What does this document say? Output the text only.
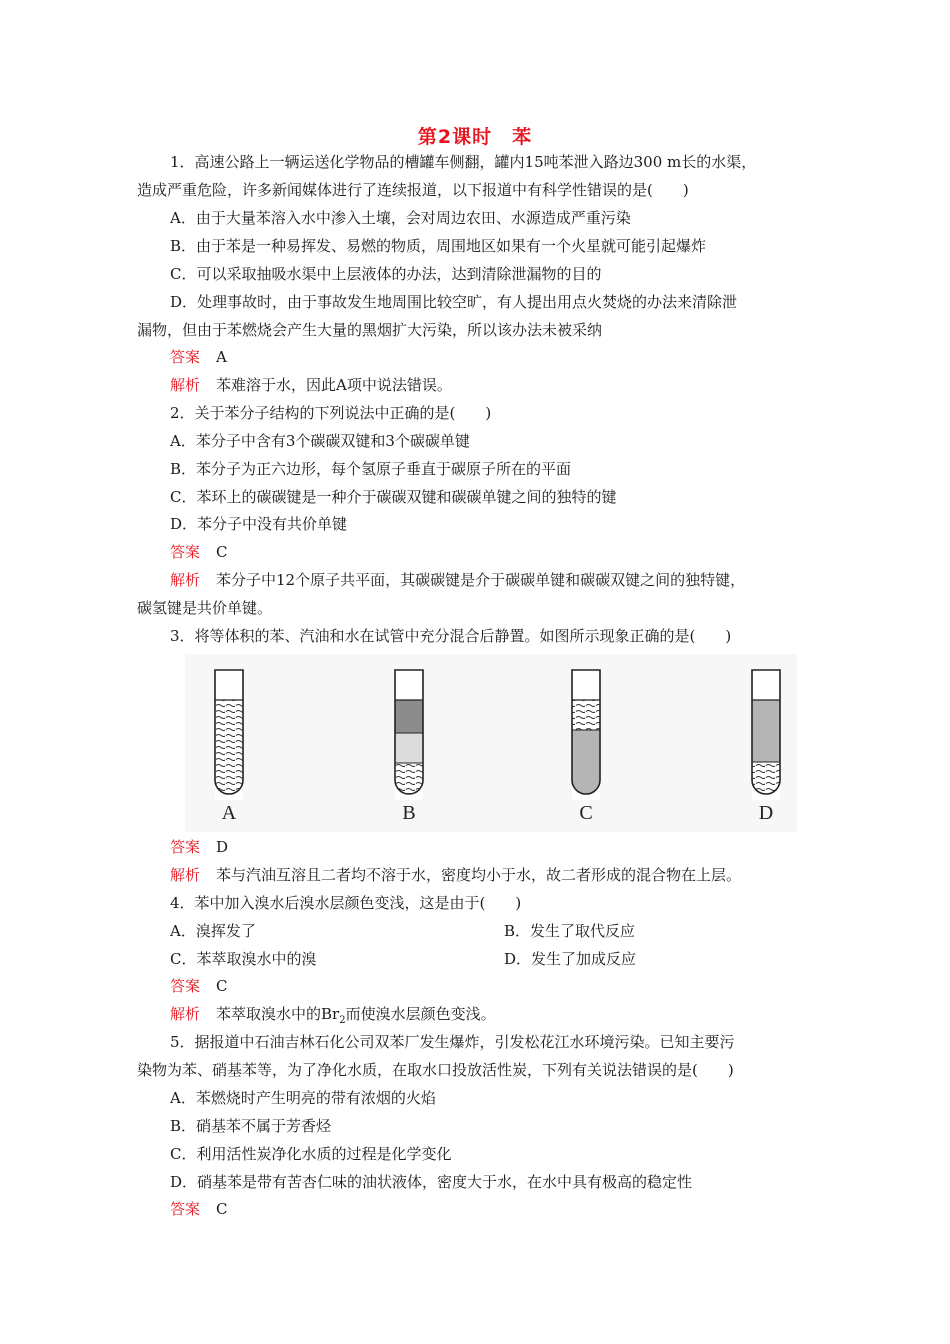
第2课时　苯
1．高速公路上一辆运送化学物品的槽罐车侧翻，罐内15吨苯泄入路边300 m长的水渠，
造成严重危险，许多新闻媒体进行了连续报道，以下报道中有科学性错误的是(　　)
A．由于大量苯溶入水中渗入土壤，会对周边农田、水源造成严重污染
B．由于苯是一种易挥发、易燃的物质，周围地区如果有一个火星就可能引起爆炸
C．可以采取抽吸水渠中上层液体的办法，达到清除泄漏物的目的
D．处理事故时，由于事故发生地周围比较空旷，有人提出用点火焚烧的办法来清除泄
漏物，但由于苯燃烧会产生大量的黑烟扩大污染，所以该办法未被采纳
答案 A
解析 苯难溶于水，因此A项中说法错误。
2．关于苯分子结构的下列说法中正确的是(　　)
A．苯分子中含有3个碳碳双键和3个碳碳单键
B．苯分子为正六边形，每个氢原子垂直于碳原子所在的平面
C．苯环上的碳碳键是一种介于碳碳双键和碳碳单键之间的独特的键
D．苯分子中没有共价单键
答案 C
解析 苯分子中12个原子共平面，其碳碳键是介于碳碳单键和碳碳双键之间的独特键，
碳氢键是共价单键。
3．将等体积的苯、汽油和水在试管中充分混合后静置。如图所示现象正确的是(　　)
A	B	C	D
答案 D
解析 苯与汽油互溶且二者均不溶于水，密度均小于水，故二者形成的混合物在上层。
4．苯中加入溴水后溴水层颜色变浅，这是由于(　　)
A．溴挥发了	B．发生了取代反应
C．苯萃取溴水中的溴	D．发生了加成反应
答案 C
解析 苯萃取溴水中的$Br_2$而使溴水层颜色变浅。
5．据报道中石油吉林石化公司双苯厂发生爆炸，引发松花江水环境污染。已知主要污
染物为苯、硝基苯等，为了净化水质，在取水口投放活性炭，下列有关说法错误的是(　　)
A．苯燃烧时产生明亮的带有浓烟的火焰
B．硝基苯不属于芳香烃
C．利用活性炭净化水质的过程是化学变化
D．硝基苯是带有苦杏仁味的油状液体，密度大于水，在水中具有极高的稳定性
答案 C
